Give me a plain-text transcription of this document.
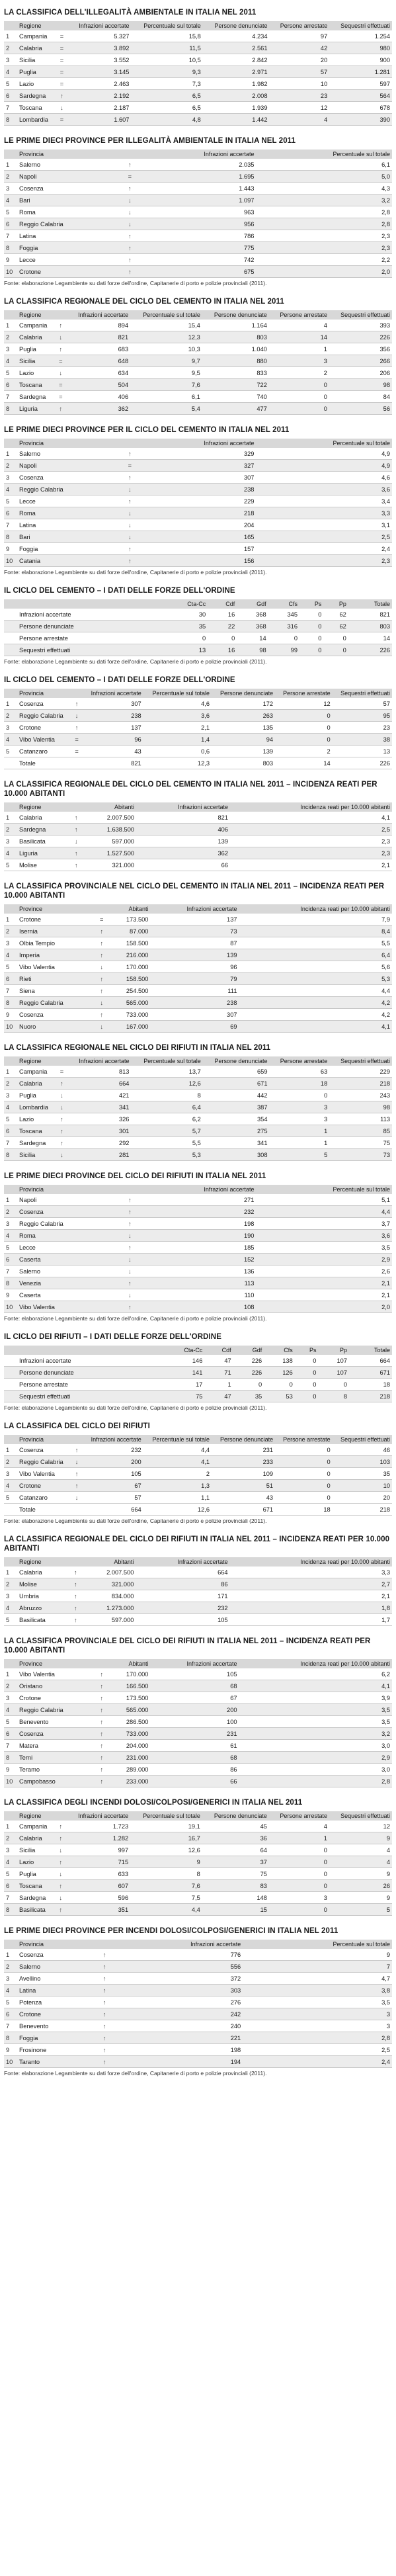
LA CLASSIFICA DELL'ILLEGALITÀ AMBIENTALE IN ITALIA NEL 2011
	Regione		Infrazioni accertate	Percentuale sul totale	Persone denunciate	Persone arrestate	Sequestri effettuati
1	Campania	=	5.327	15,8	4.234	97	1.254
2	Calabria	=	3.892	11,5	2.561	42	980
3	Sicilia	=	3.552	10,5	2.842	20	900
4	Puglia	=	3.145	9,3	2.971	57	1.281
5	Lazio	=	2.463	7,3	1.982	10	597
6	Sardegna	↑	2.192	6,5	2.008	23	564
7	Toscana	↓	2.187	6,5	1.939	12	678
8	Lombardia	=	1.607	4,8	1.442	4	390
LE PRIME DIECI PROVINCE PER ILLEGALITÀ AMBIENTALE IN ITALIA NEL 2011
	Provincia		Infrazioni accertate	Percentuale sul totale
1	Salerno	↑	2.035	6,1
2	Napoli	=	1.695	5,0
3	Cosenza	↑	1.443	4,3
4	Bari	↓	1.097	3,2
5	Roma	↓	963	2,8
6	Reggio Calabria	↓	956	2,8
7	Latina	↑	786	2,3
8	Foggia	↑	775	2,3
9	Lecce	↑	742	2,2
10	Crotone	↑	675	2,0
Fonte: elaborazione Legambiente su dati forze dell'ordine, Capitanerie di porto e polizie provinciali (2011).
LA CLASSIFICA REGIONALE DEL CICLO DEL CEMENTO IN ITALIA NEL 2011
	Regione		Infrazioni accertate	Percentuale sul totale	Persone denunciate	Persone arrestate	Sequestri effettuati
1	Campania	↑	894	15,4	1.164	4	393
2	Calabria	↓	821	12,3	803	14	226
3	Puglia	↑	683	10,3	1.040	1	356
4	Sicilia	=	648	9,7	880	3	266
5	Lazio	↓	634	9,5	833	2	206
6	Toscana	=	504	7,6	722	0	98
7	Sardegna	=	406	6,1	740	0	84
8	Liguria	↑	362	5,4	477	0	56
LE PRIME DIECI PROVINCE PER IL CICLO DEL CEMENTO IN ITALIA NEL 2011
	Provincia		Infrazioni accertate	Percentuale sul totale
1	Salerno	↑	329	4,9
2	Napoli	=	327	4,9
3	Cosenza	↑	307	4,6
4	Reggio Calabria	↓	238	3,6
5	Lecce	↑	229	3,4
6	Roma	↓	218	3,3
7	Latina	↓	204	3,1
8	Bari	↓	165	2,5
9	Foggia	↑	157	2,4
10	Catania	↑	156	2,3
Fonte: elaborazione Legambiente su dati forze dell'ordine, Capitanerie di porto e polizie provinciali (2011).
IL CICLO DEL CEMENTO – I DATI DELLE FORZE DELL'ORDINE
			Cta-Cc	Cdf	Gdf	Cfs	Ps	Pp	Totale
	Infrazioni accertate		30	16	368	345	0	62	821
	Persone denunciate		35	22	368	316	0	62	803
	Persone arrestate		0	0	14	0	0	0	14
	Sequestri effettuati		13	16	98	99	0	0	226
Fonte: elaborazione Legambiente su dati forze dell'ordine, Capitanerie di porto e polizie provinciali (2011).
IL CICLO DEL CEMENTO – I DATI DELLE FORZE DELL'ORDINE
	Provincia		Infrazioni accertate	Percentuale sul totale	Persone denunciate	Persone arrestate	Sequestri effettuati
1	Cosenza	↑	307	4,6	172	12	57
2	Reggio Calabria	↓	238	3,6	263	0	95
3	Crotone	↑	137	2,1	135	0	23
4	Vibo Valentia	=	96	1,4	94	0	38
5	Catanzaro	=	43	0,6	139	2	13
	Totale		821	12,3	803	14	226
LA CLASSIFICA REGIONALE DEL CICLO DEL CEMENTO IN ITALIA NEL 2011 – INCIDENZA REATI PER 10.000 ABITANTI
	Regione		Abitanti	Infrazioni accertate	Incidenza reati per 10.000 abitanti
1	Calabria	↑	2.007.500	821	4,1
2	Sardegna	↑	1.638.500	406	2,5
3	Basilicata	↓	597.000	139	2,3
4	Liguria	↑	1.527.500	362	2,3
5	Molise	↑	321.000	66	2,1
LA CLASSIFICA PROVINCIALE NEL CICLO DEL CEMENTO IN ITALIA NEL 2011 – INCIDENZA REATI PER 10.000 ABITANTI
	Province		Abitanti	Infrazioni accertate	Incidenza reati per 10.000 abitanti
1	Crotone	=	173.500	137	7,9
2	Isernia	↑	87.000	73	8,4
3	Olbia Tempio	↑	158.500	87	5,5
4	Imperia	↑	216.000	139	6,4
5	Vibo Valentia	↓	170.000	96	5,6
6	Rieti	↑	158.500	79	5,3
7	Siena	↑	254.500	111	4,4
8	Reggio Calabria	↓	565.000	238	4,2
9	Cosenza	↑	733.000	307	4,2
10	Nuoro	↓	167.000	69	4,1
LA CLASSIFICA REGIONALE NEL CICLO DEI RIFIUTI IN ITALIA NEL 2011
	Regione		Infrazioni accertate	Percentuale sul totale	Persone denunciate	Persone arrestate	Sequestri effettuati
1	Campania	=	813	13,7	659	63	229
2	Calabria	↑	664	12,6	671	18	218
3	Puglia	↓	421	8	442	0	243
4	Lombardia	↓	341	6,4	387	3	98
5	Lazio	↑	326	6,2	354	3	113
6	Toscana	↑	301	5,7	275	1	85
7	Sardegna	↑	292	5,5	341	1	75
8	Sicilia	↓	281	5,3	308	5	73
LE PRIME DIECI PROVINCE DEL CICLO DEI RIFIUTI IN ITALIA NEL 2011
	Provincia		Infrazioni accertate	Percentuale sul totale
1	Napoli	↑	271	5,1
2	Cosenza	↑	232	4,4
3	Reggio Calabria	↑	198	3,7
4	Roma	↓	190	3,6
5	Lecce	↑	185	3,5
6	Caserta	↓	152	2,9
7	Salerno	↓	136	2,6
8	Venezia	↑	113	2,1
9	Caserta	↓	110	2,1
10	Vibo Valentia	↑	108	2,0
Fonte: elaborazione Legambiente su dati forze dell'ordine, Capitanerie di porto e polizie provinciali (2011).
IL CICLO DEI RIFIUTI – I DATI DELLE FORZE DELL'ORDINE
			Cta-Cc	Cdf	Gdf	Cfs	Ps	Pp	Totale
	Infrazioni accertate		146	47	226	138	0	107	664
	Persone denunciate		141	71	226	126	0	107	671
	Persone arrestate		17	1	0	0	0	0	18
	Sequestri effettuati		75	47	35	53	0	8	218
Fonte: elaborazione Legambiente su dati forze dell'ordine, Capitanerie di porto e polizie provinciali (2011).
LA CLASSIFICA DEL CICLO DEI RIFIUTI
	Provincia		Infrazioni accertate	Percentuale sul totale	Persone denunciate	Persone arrestate	Sequestri effettuati
1	Cosenza	↑	232	4,4	231	0	46
2	Reggio Calabria	↓	200	4,1	233	0	103
3	Vibo Valentia	↑	105	2	109	0	35
4	Crotone	↑	67	1,3	51	0	10
5	Catanzaro	↓	57	1,1	43	0	20
	Totale		664	12,6	671	18	218
Fonte: elaborazione Legambiente su dati forze dell'ordine, Capitanerie di porto e polizie provinciali (2011).
LA CLASSIFICA REGIONALE DEL CICLO DEI RIFIUTI IN ITALIA NEL 2011 – INCIDENZA REATI PER 10.000 ABITANTI
	Regione		Abitanti	Infrazioni accertate	Incidenza reati per 10.000 abitanti
1	Calabria	↑	2.007.500	664	3,3
2	Molise	↑	321.000	86	2,7
3	Umbria	↑	834.000	171	2,1
4	Abruzzo	↑	1.273.000	232	1,8
5	Basilicata	↑	597.000	105	1,7
LA CLASSIFICA PROVINCIALE DEL CICLO DEI RIFIUTI IN ITALIA NEL 2011 – INCIDENZA REATI PER 10.000 ABITANTI
	Province		Abitanti	Infrazioni accertate	Incidenza reati per 10.000 abitanti
1	Vibo Valentia	↑	170.000	105	6,2
2	Oristano	↑	166.500	68	4,1
3	Crotone	↑	173.500	67	3,9
4	Reggio Calabria	↑	565.000	200	3,5
5	Benevento	↑	286.500	100	3,5
6	Cosenza	↑	733.000	231	3,2
7	Matera	↑	204.000	61	3,0
8	Terni	↑	231.000	68	2,9
9	Teramo	↑	289.000	86	3,0
10	Campobasso	↑	233.000	66	2,8
LA CLASSIFICA DEGLI INCENDI DOLOSI/COLPOSI/GENERICI IN ITALIA NEL 2011
	Regione		Infrazioni accertate	Percentuale sul totale	Persone denunciate	Persone arrestate	Sequestri effettuati
1	Campania	↑	1.723	19,1	45	4	12
2	Calabria	↑	1.282	16,7	36	1	9
3	Sicilia	↓	997	12,6	64	0	4
4	Lazio	↑	715	9	37	0	4
5	Puglia	↓	633	8	75	0	9
6	Toscana	↑	607	7,6	83	0	26
7	Sardegna	↓	596	7,5	148	3	9
8	Basilicata	↑	351	4,4	15	0	5
LE PRIME DIECI PROVINCE PER INCENDI DOLOSI/COLPOSI/GENERICI IN ITALIA NEL 2011
	Provincia		Infrazioni accertate	Percentuale sul totale
1	Cosenza	↑	776	9
2	Salerno	↑	556	7
3	Avellino	↑	372	4,7
4	Latina	↑	303	3,8
5	Potenza	↑	276	3,5
6	Crotone	↑	242	3
7	Benevento	↑	240	3
8	Foggia	↑	221	2,8
9	Frosinone	↑	198	2,5
10	Taranto	↑	194	2,4
Fonte: elaborazione Legambiente su dati forze dell'ordine, Capitanerie di porto e polizie provinciali (2011).
